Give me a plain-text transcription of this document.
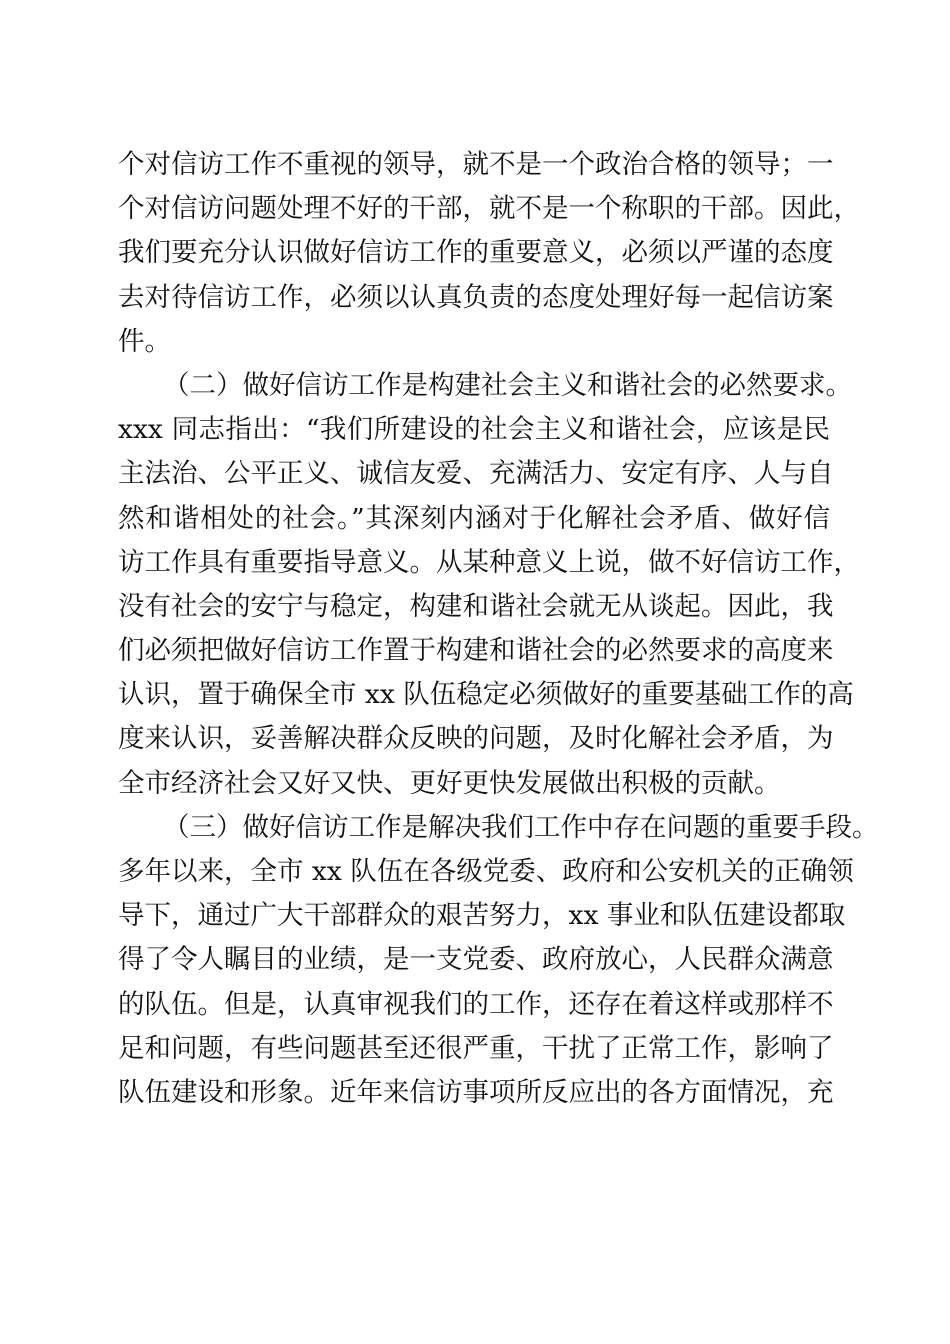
个对信访工作不重视的领导，就不是一个政治合格的领导；一
个对信访问题处理不好的干部，就不是一个称职的干部。因此，
我们要充分认识做好信访工作的重要意义，必须以严谨的态度
去对待信访工作，必须以认真负责的态度处理好每一起信访案
件。
（二）做好信访工作是构建社会主义和谐社会的必然要求。
xxx 同志指出：“我们所建设的社会主义和谐社会，应该是民
主法治、公平正义、诚信友爱、充满活力、安定有序、人与自
然和谐相处的社会。”其深刻内涵对于化解社会矛盾、做好信
访工作具有重要指导意义。从某种意义上说，做不好信访工作，
没有社会的安宁与稳定，构建和谐社会就无从谈起。因此，我
们必须把做好信访工作置于构建和谐社会的必然要求的高度来
认识，置于确保全市 xx 队伍稳定必须做好的重要基础工作的高
度来认识，妥善解决群众反映的问题，及时化解社会矛盾，为
全市经济社会又好又快、更好更快发展做出积极的贡献。
（三）做好信访工作是解决我们工作中存在问题的重要手段。
多年以来，全市 xx 队伍在各级党委、政府和公安机关的正确领
导下，通过广大干部群众的艰苦努力，xx 事业和队伍建设都取
得了令人瞩目的业绩，是一支党委、政府放心，人民群众满意
的队伍。但是，认真审视我们的工作，还存在着这样或那样不
足和问题，有些问题甚至还很严重，干扰了正常工作，影响了
队伍建设和形象。近年来信访事项所反应出的各方面情况，充
